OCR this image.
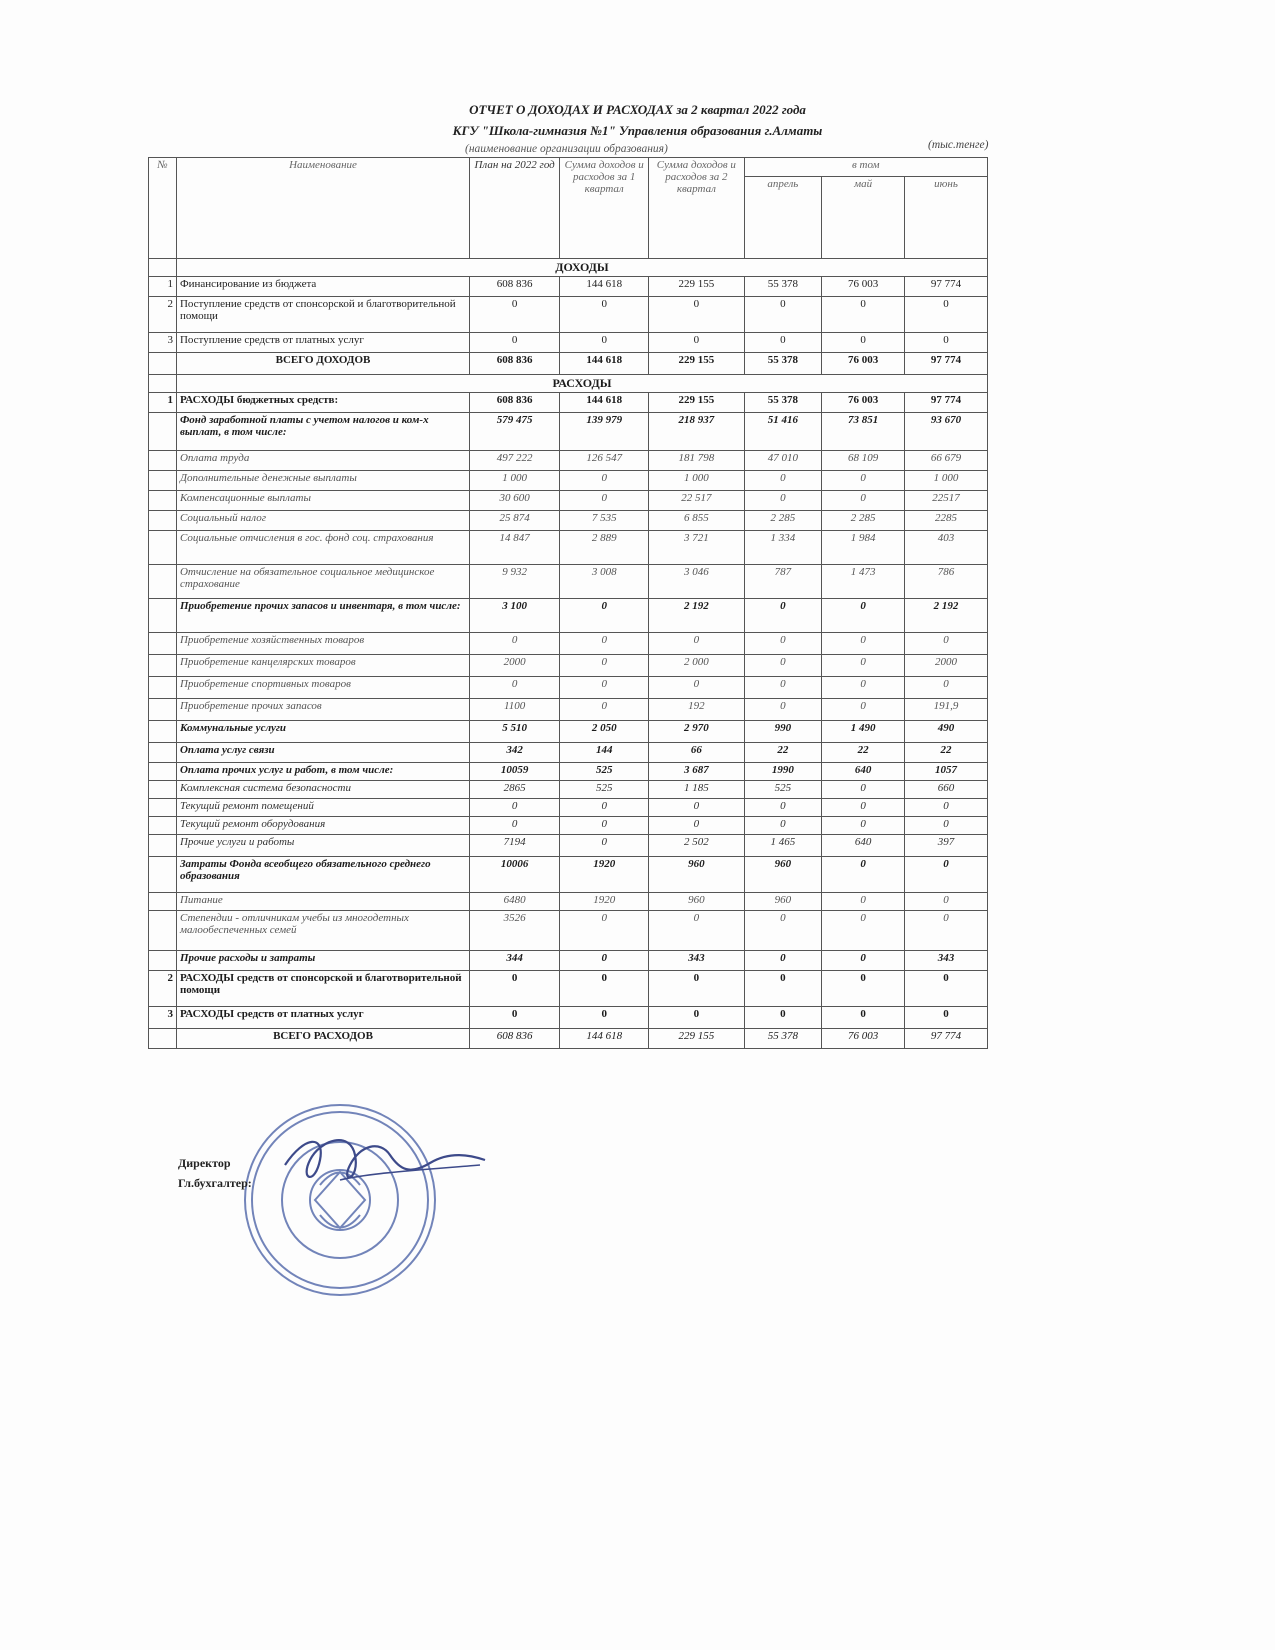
ОТЧЕТ О ДОХОДАХ И РАСХОДАХ за 2 квартал 2022 года
КГУ "Школа-гимназия №1" Управления образования г.Алматы
(наименование организации образования)	(тыс.тенге)
№	Наименование	План на 2022 год	Сумма доходов и расходов за 1 квартал	Сумма доходов и расходов за 2 квартал	в том		
					апрель	май	июнь
	ДОХОДЫ						
1	Финансирование из бюджета	608 836	144 618	229 155	55 378	76 003	97 774
2	Поступление средств от спонсорской и благотворительной помощи	0	0	0	0	0	0
3	Поступление средств от платных услуг	0	0	0	0	0	0
	ВСЕГО ДОХОДОВ	608 836	144 618	229 155	55 378	76 003	97 774
	РАСХОДЫ						
1	РАСХОДЫ бюджетных средств:	608 836	144 618	229 155	55 378	76 003	97 774
	Фонд заработной платы с учетом налогов и ком-х выплат, в том числе:	579 475	139 979	218 937	51 416	73 851	93 670
	Оплата труда	497 222	126 547	181 798	47 010	68 109	66 679
	Дополнительные денежные выплаты	1 000	0	1 000	0	0	1 000
	Компенсационные выплаты	30 600	0	22 517	0	0	22517
	Социальный налог	25 874	7 535	6 855	2 285	2 285	2285
	Социальные отчисления в гос. фонд соц. страхования	14 847	2 889	3 721	1 334	1 984	403
	Отчисление на обязательное социальное медицинское страхование	9 932	3 008	3 046	787	1 473	786
	Приобретение прочих запасов и инвентаря, в том числе:	3 100	0	2 192	0	0	2 192
	Приобретение хозяйственных товаров	0	0	0	0	0	0
	Приобретение канцелярских товаров	2000	0	2 000	0	0	2000
	Приобретение спортивных товаров	0	0	0	0	0	0
	Приобретение прочих запасов	1100	0	192	0	0	191,9
	Коммунальные услуги	5 510	2 050	2 970	990	1 490	490
	Оплата услуг связи	342	144	66	22	22	22
	Оплата прочих услуг и работ, в том числе:	10059	525	3 687	1990	640	1057
	Комплексная система безопасности	2865	525	1 185	525	0	660
	Текущий ремонт помещений	0	0	0	0	0	0
	Текущий ремонт оборудования	0	0	0	0	0	0
	Прочие услуги и работы	7194	0	2 502	1 465	640	397
	Затраты Фонда всеобщего обязательного среднего образования	10006	1920	960	960	0	0
	Питание	6480	1920	960	960	0	0
	Степендии - отличникам учебы из многодетных малообеспеченных семей	3526	0	0	0	0	0
	Прочие расходы и затраты	344	0	343	0	0	343
2	РАСХОДЫ средств от спонсорской и благотворительной помощи	0	0	0	0	0	0
3	РАСХОДЫ средств от платных услуг	0	0	0	0	0	0
	ВСЕГО РАСХОДОВ	608 836	144 618	229 155	55 378	76 003	97 774
Директор
Гл.бухгалтер:
